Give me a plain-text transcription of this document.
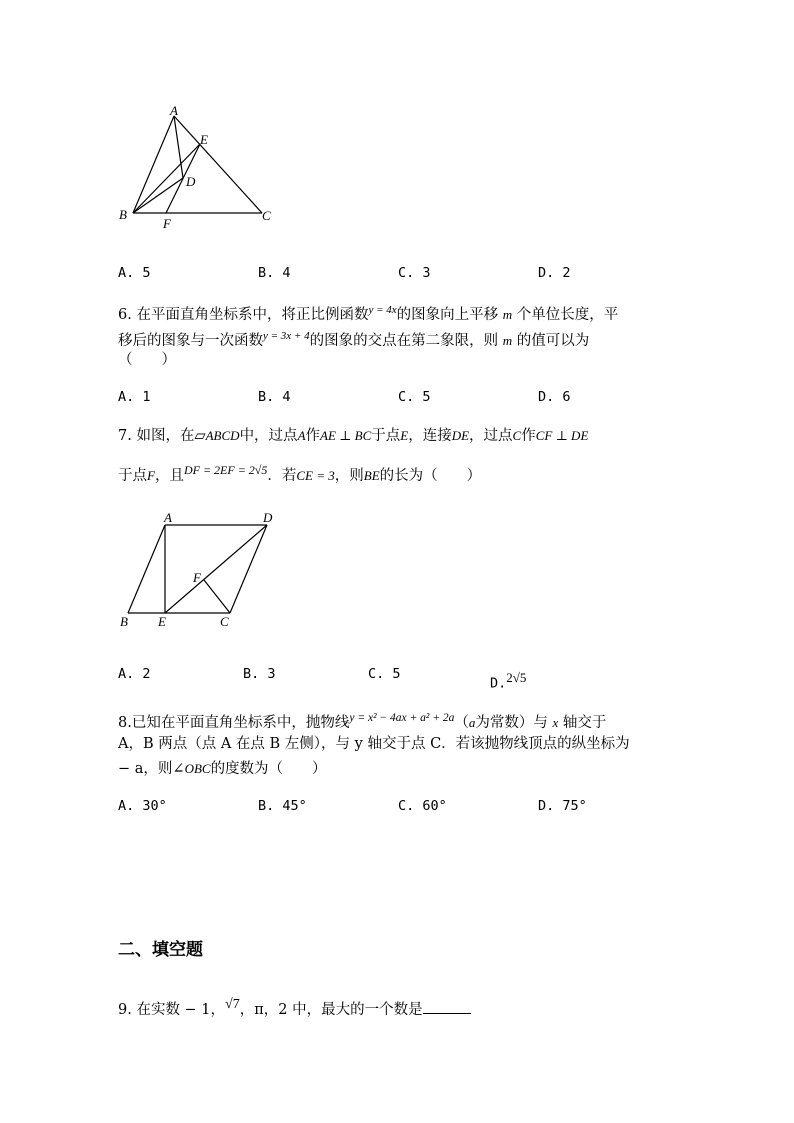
A
E
D
B
F
C
A. 5	B. 4	C. 3	D. 2
6. 在平面直角坐标系中，将正比例函数$^{y = 4x}$的图象向上平移 m 个单位长度，平
移后的图象与一次函数$^{y = 3x + 4}$的图象的交点在第二象限，则 m 的值可以为
（　　）
A. 1	B. 4	C. 5	D. 6
7. 如图，在▱ABCD中，过点A作AE ⊥ BC于点E，连接DE，过点C作CF ⊥ DE
于点F，且$^{DF = 2EF = 2√5}$．若CE = 3，则BE的长为（　　）
A	D
F
B E	C
A. 2	B. 3	C. 5
D.$^{2√5}$
8.已知在平面直角坐标系中，抛物线$^{y = x^2 - 4ax + a^2 + 2a}$（a为常数）与 x 轴交于
A，B 两点（点 A 在点 B 左侧），与 y 轴交于点 C．若该抛物线顶点的纵坐标为
− a，则∠OBC的度数为（　　）
A. 30°	B. 45°	C. 60°	D. 75°
二、填空题
9. 在实数 − 1，$^{√7}$，π，2 中，最大的一个数是
